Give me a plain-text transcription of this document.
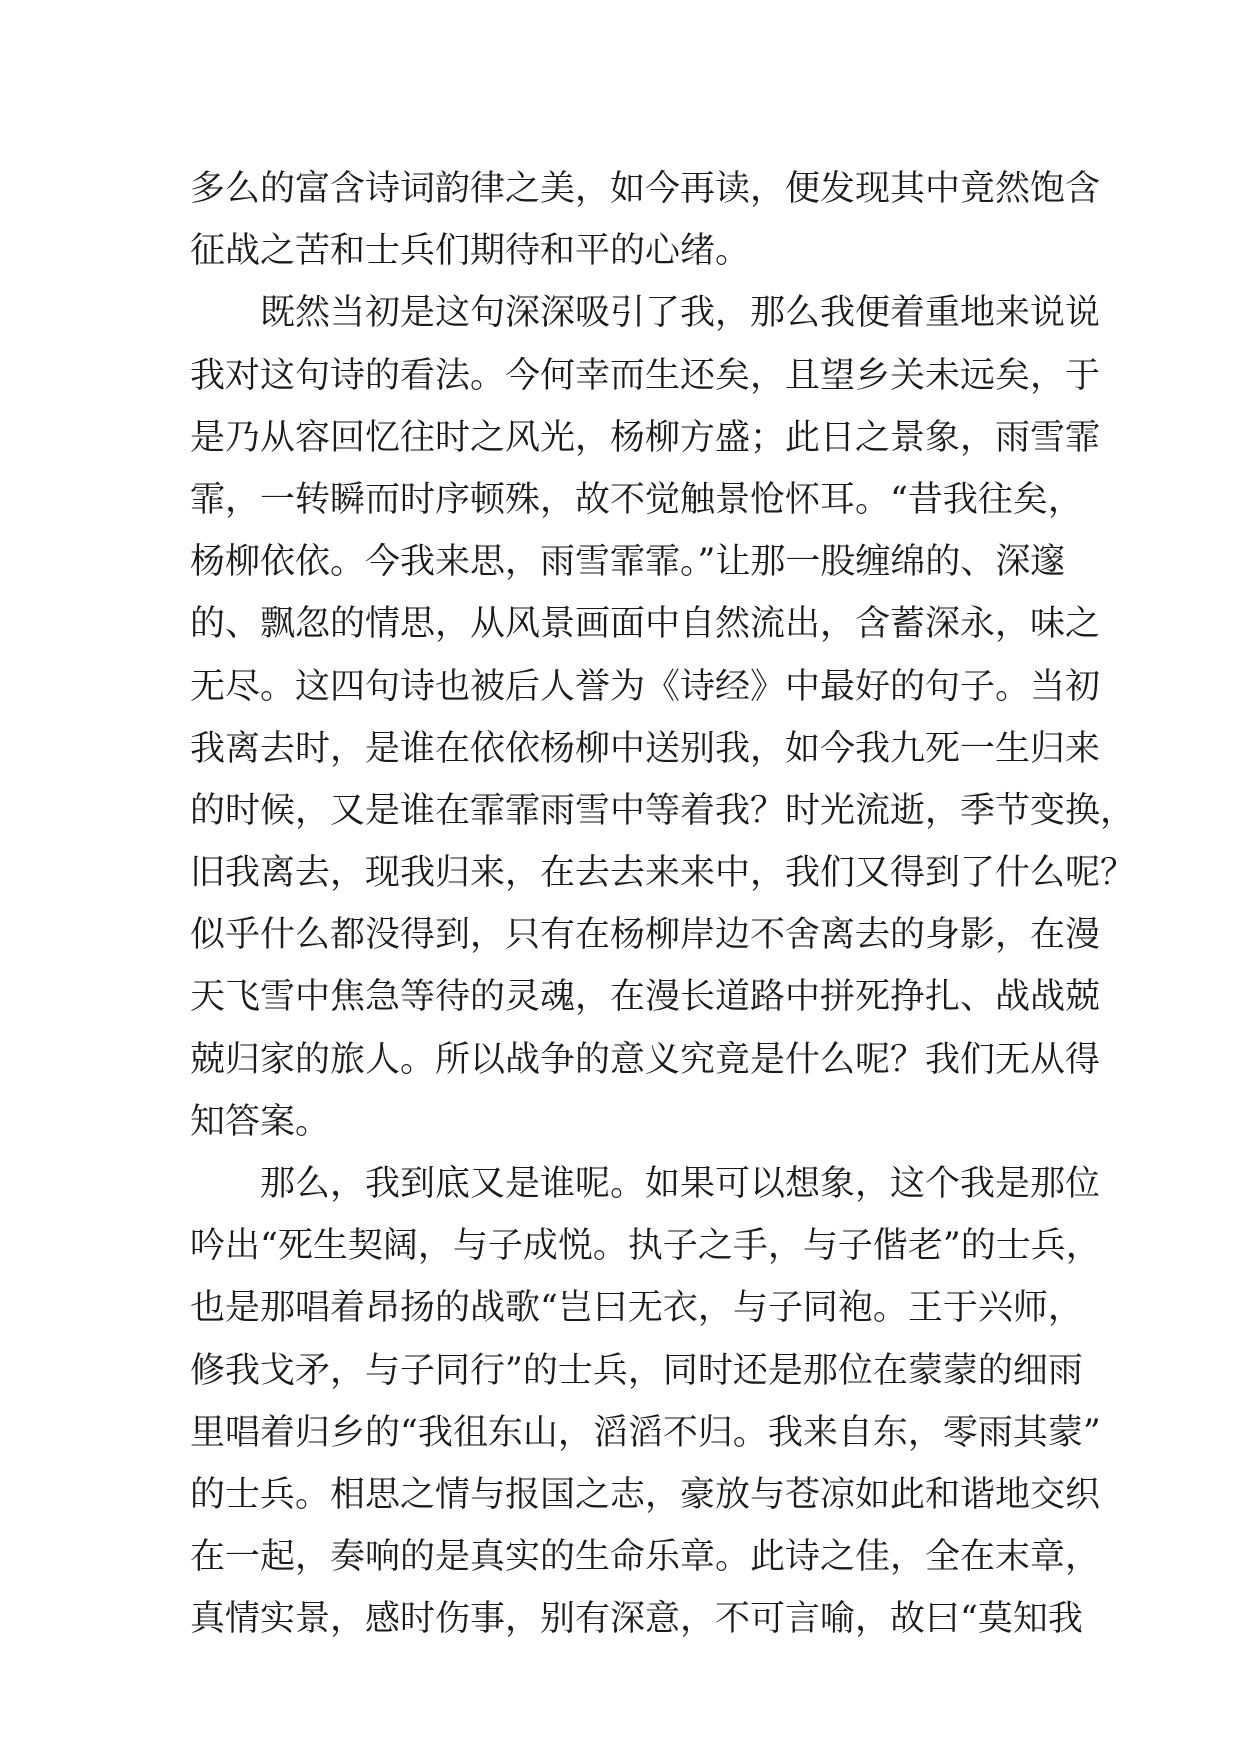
多么的富含诗词韵律之美，如今再读，便发现其中竟然饱含
征战之苦和士兵们期待和平的心绪。
既然当初是这句深深吸引了我，那么我便着重地来说说
我对这句诗的看法。今何幸而生还矣，且望乡关未远矣，于
是乃从容回忆往时之风光，杨柳方盛；此日之景象，雨雪霏
霏，一转瞬而时序顿殊，故不觉触景怆怀耳。“昔我往矣，
杨柳依依。今我来思，雨雪霏霏。”让那一股缠绵的、深邃
的、飘忽的情思，从风景画面中自然流出，含蓄深永，味之
无尽。这四句诗也被后人誉为《诗经》中最好的句子。当初
我离去时，是谁在依依杨柳中送别我，如今我九死一生归来
的时候，又是谁在霏霏雨雪中等着我？时光流逝，季节变换，
旧我离去，现我归来，在去去来来中，我们又得到了什么呢？
似乎什么都没得到，只有在杨柳岸边不舍离去的身影，在漫
天飞雪中焦急等待的灵魂，在漫长道路中拼死挣扎、战战兢
兢归家的旅人。所以战争的意义究竟是什么呢？我们无从得
知答案。
那么，我到底又是谁呢。如果可以想象，这个我是那位
吟出“死生契阔，与子成悦。执子之手，与子偕老”的士兵，
也是那唱着昂扬的战歌“岂曰无衣，与子同袍。王于兴师，
修我戈矛，与子同行”的士兵，同时还是那位在蒙蒙的细雨
里唱着归乡的“我徂东山，滔滔不归。我来自东，零雨其蒙”
的士兵。相思之情与报国之志，豪放与苍凉如此和谐地交织
在一起，奏响的是真实的生命乐章。此诗之佳，全在末章，
真情实景，感时伤事，别有深意，不可言喻，故曰“莫知我
